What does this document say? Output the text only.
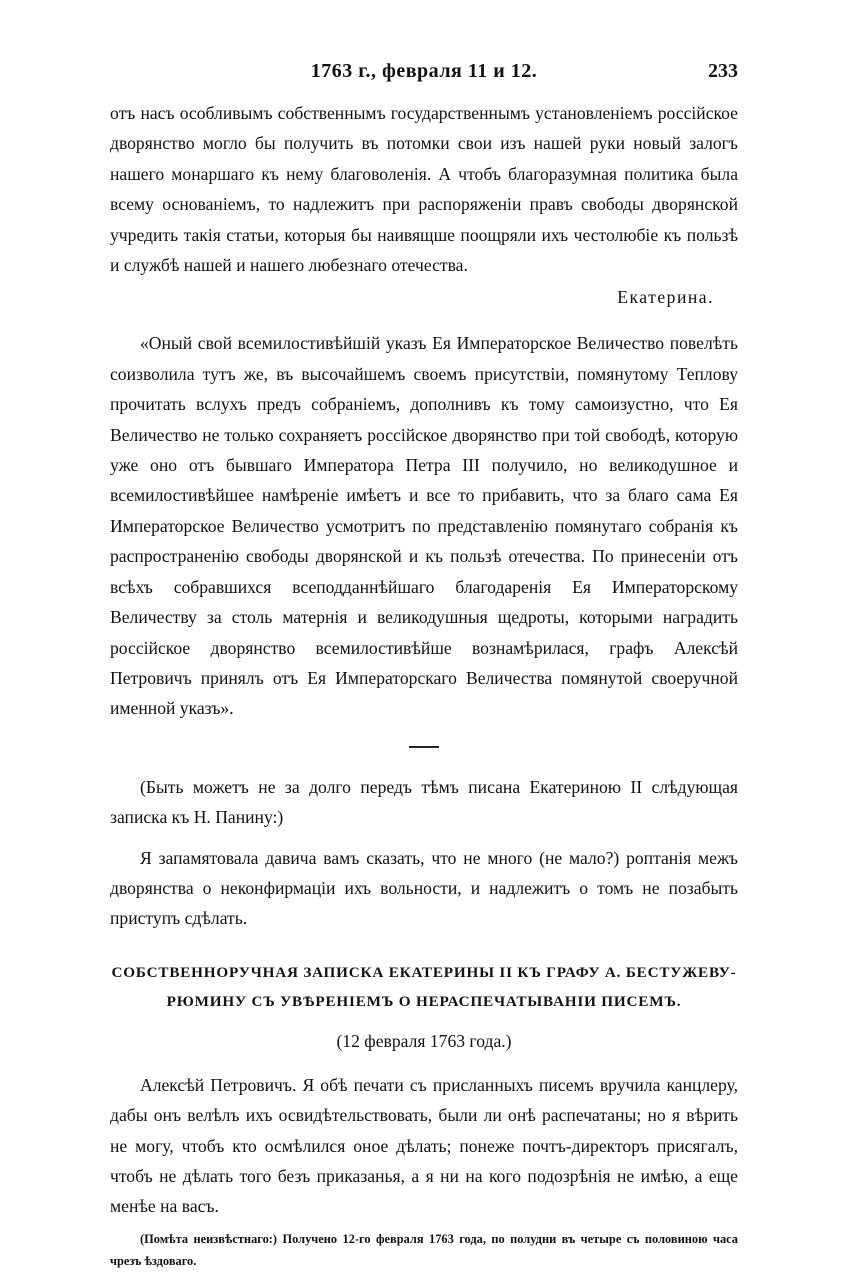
1763 г., февраля 11 и 12.	233

отъ насъ особливымъ собственнымъ государственнымъ установленіемъ россійское дворянство могло бы получить въ потомки свои изъ нашей руки новый залогъ нашего монаршаго къ нему благоволенія. А чтобъ благоразумная политика была всему основаніемъ, то надлежитъ при распоряженіи правъ свободы дворянской учредить такія статьи, которыя бы наивящше поощряли ихъ честолюбіе къ пользѣ и службѣ нашей и нашего любезнаго отечества.

Екатерина.

«Оный свой всемилостивѣйшій указъ Ея Императорское Величество повелѣть соизволила тутъ же, въ высочайшемъ своемъ присутствіи, помянутому Теплову прочитать вслухъ предъ собраніемъ, дополнивъ къ тому самоизустно, что Ея Величество не только сохраняетъ россійское дворянство при той свободѣ, которую уже оно отъ бывшаго Императора Петра III получило, но великодушное и всемилостивѣйшее намѣреніе имѣетъ и все то прибавить, что за благо сама Ея Императорское Величество усмотритъ по представленію помянутаго собранія къ распространенію свободы дворянской и къ пользѣ отечества. По принесеніи отъ всѣхъ собравшихся всеподданнѣйшаго благодаренія Ея Императорскому Величеству за столь матернія и великодушныя щедроты, которыми наградить россійское дворянство всемилостивѣйше вознамѣрилася, графъ Алексѣй Петровичъ принялъ отъ Ея Императорскаго Величества помянутой своеручной именной указъ».

(Быть можетъ не за долго передъ тѣмъ писана Екатериною II слѣдующая записка къ Н. Панину:)

Я запамятовала давича вамъ сказать, что не много (не мало?) роптанія межъ дворянства о неконфирмаціи ихъ вольности, и надлежитъ о томъ не позабыть приступъ сдѣлать.

СОБСТВЕННОРУЧНАЯ ЗАПИСКА ЕКАТЕРИНЫ II КЪ ГРАФУ А. БЕСТУЖЕВУ-РЮМИНУ СЪ УВѢРЕНІЕМЪ О НЕРАСПЕЧАТЫВАНІИ ПИСЕМЪ.
(12 февраля 1763 года.)

Алексѣй Петровичъ. Я обѣ печати съ присланныхъ писемъ вручила канцлеру, дабы онъ велѣлъ ихъ освидѣтельствовать, были ли онѣ распечатаны; но я вѣрить не могу, чтобъ кто осмѣлился оное дѣлать; понеже почтъ-директоръ присягалъ, чтобъ не дѣлать того безъ приказанья, а я ни на кого подозрѣнія не имѣю, а еще менѣе на васъ.

(Помѣта неизвѣстнаго:) Получено 12-го февраля 1763 года, по полудни въ четыре съ половиною часа чрезъ ѣздоваго.
